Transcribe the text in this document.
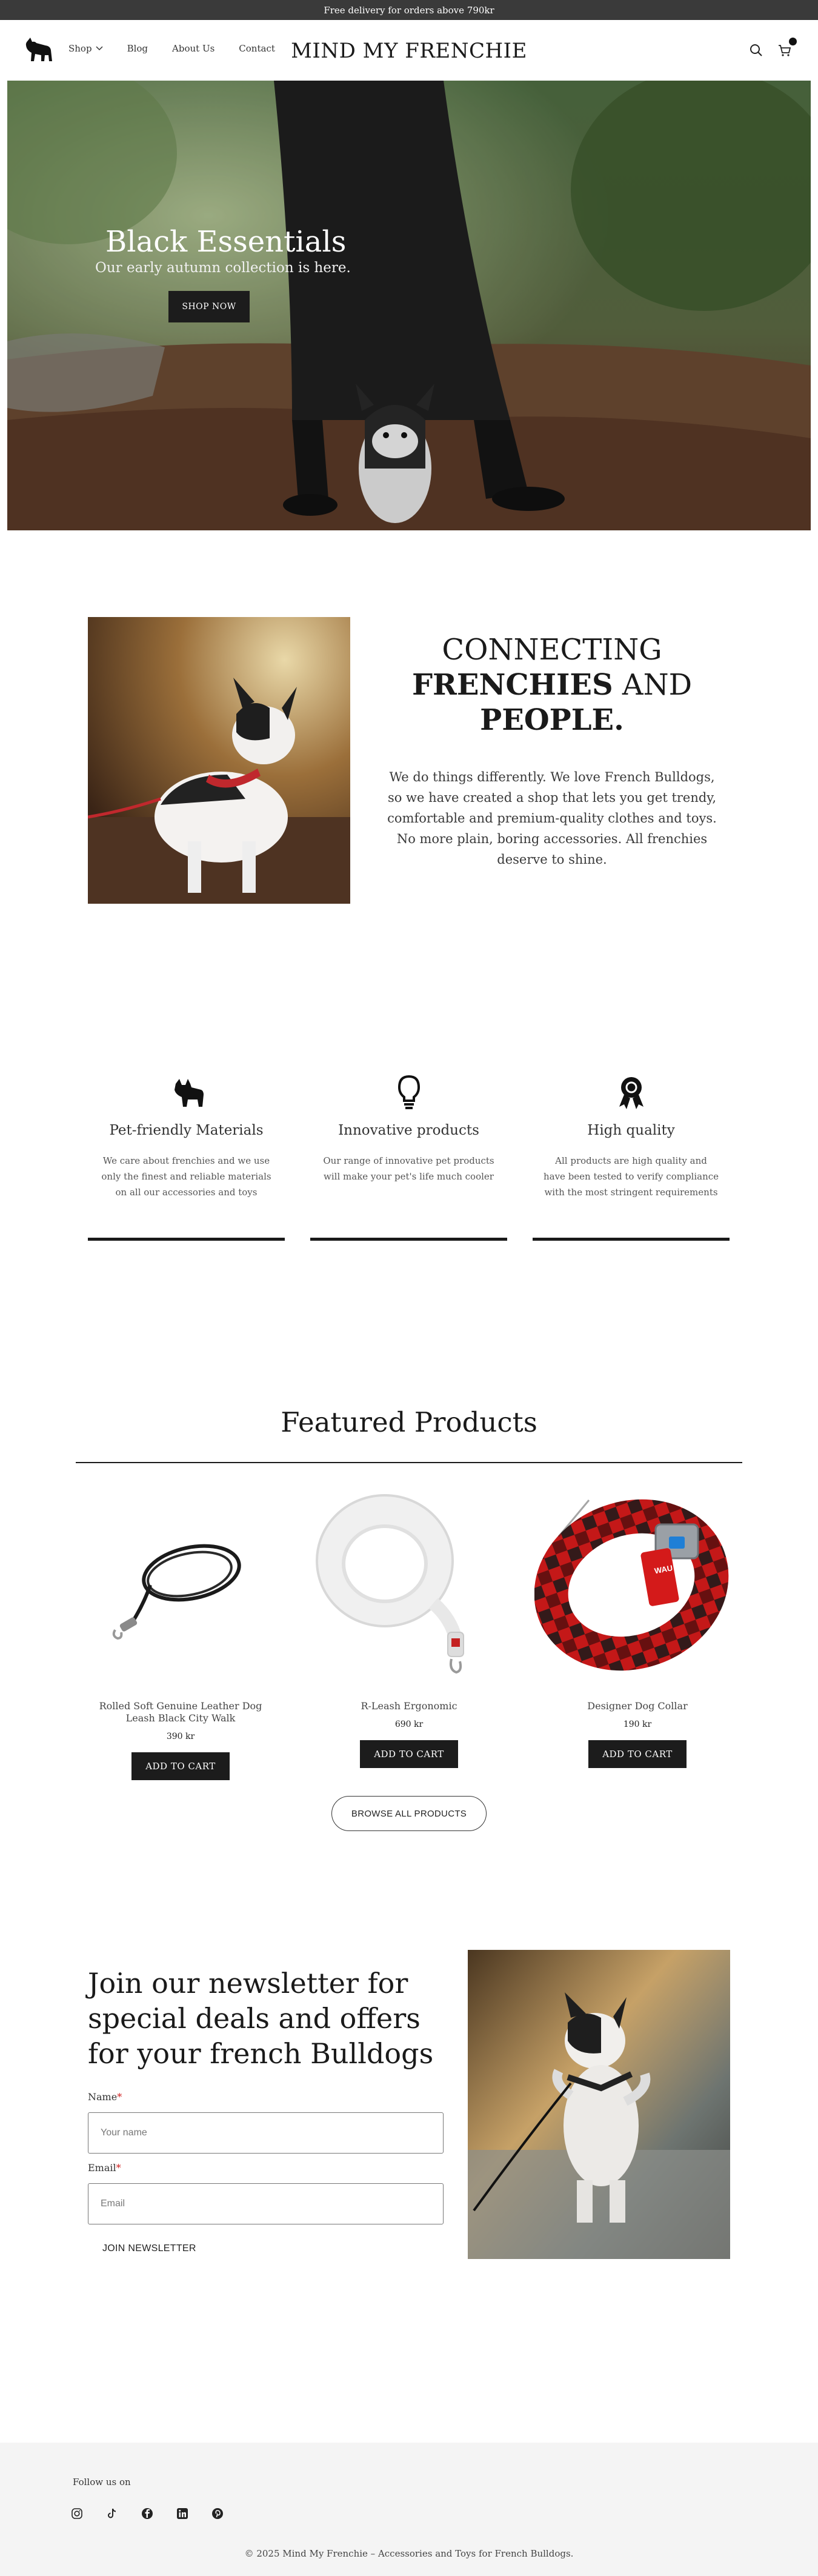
Free delivery for orders above 790kr
Shop	Blog	About Us	Contact MIND MY FRENCHIE
Black Essentials
Our early autumn collection is here.
SHOP NOW
CONNECTING
FRENCHIES AND
PEOPLE.
We do things differently. We love French Bulldogs, so we have created a shop that lets you get trendy, comfortable and premium-quality clothes and toys. No more plain, boring accessories. All frenchies deserve to shine.
Pet-friendly Materials
We care about frenchies and we use only the finest and reliable materials on all our accessories and toys
Innovative products
Our range of innovative pet products will make your pet's life much cooler
High quality
All products are high quality and have been tested to verify compliance with the most stringent requirements
Featured Products
Rolled Soft Genuine Leather Dog Leash Black City Walk
390 kr
ADD TO CART
R-Leash Ergonomic
690 kr
ADD TO CART
WAU DOG
Designer Dog Collar
190 kr
ADD TO CART
BROWSE ALL PRODUCTS
Join our newsletter for special deals and offers for your french Bulldogs
Name*
Your name
Email*
Email
JOIN NEWSLETTER
Follow us on
© 2025 Mind My Frenchie – Accessories and Toys for French Bulldogs.
